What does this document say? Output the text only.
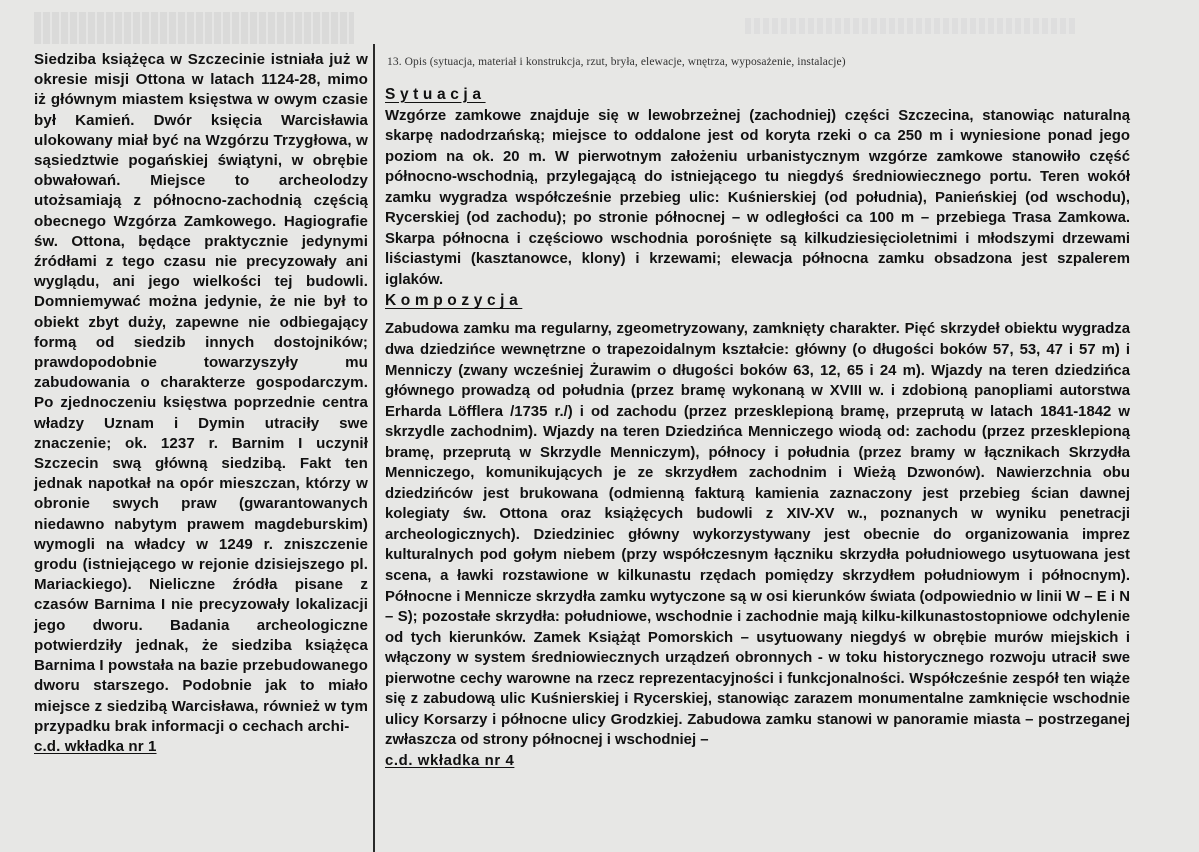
Siedziba książęca w Szczecinie istniała już w okresie misji Ottona w latach 1124-28, mimo iż głównym miastem księstwa w owym czasie był Kamień. Dwór księcia Warcisławia ulokowany miał być na Wzgórzu Trzygłowa, w sąsiedztwie pogańskiej świątyni, w obrębie obwałowań. Miejsce to archeolodzy utożsamiają z północno-zachodnią częścią obecnego Wzgórza Zamkowego. Hagiografie św. Ottona, będące praktycznie jedynymi źródłami z tego czasu nie precyzowały ani wyglądu, ani jego wielkości tej budowli. Domniemywać można jedynie, że nie był to obiekt zbyt duży, zapewne nie odbiegający formą od siedzib innych dostojników; prawdopodobnie towarzyszyły mu zabudowania o charakterze gospodarczym. Po zjednoczeniu księstwa poprzednie centra władzy Uznam i Dymin utraciły swe znaczenie; ok. 1237 r. Barnim I uczynił Szczecin swą główną siedzibą. Fakt ten jednak napotkał na opór mieszczan, którzy w obronie swych praw (gwarantowanych niedawno nabytym prawem magdeburskim) wymogli na władcy w 1249 r. zniszczenie grodu (istniejącego w rejonie dzisiejszego pl. Mariackiego). Nieliczne źródła pisane z czasów Barnima I nie precyzowały lokalizacji jego dworu. Badania archeologiczne potwierdziły jednak, że siedziba książęca Barnima I powstała na bazie przebudowanego dworu starszego. Podobnie jak to miało miejsce z siedzibą Warcisława, również w tym przypadku brak informacji o cechach archi-
c.d. wkładka nr 1
13. Opis (sytuacja, materiał i konstrukcja, rzut, bryła, elewacje, wnętrza, wyposażenie, instalacje)
Sytuacja

Wzgórze zamkowe znajduje się w lewobrzeżnej (zachodniej) części Szczecina, stanowiąc naturalną skarpę nadodrzańską; miejsce to oddalone jest od koryta rzeki o ca 250 m i wyniesione ponad jego poziom na ok. 20 m. W pierwotnym założeniu urbanistycznym wzgórze zamkowe stanowiło część północno-wschodnią, przylegającą do istniejącego tu niegdyś średniowiecznego portu. Teren wokół zamku wygradza współcześnie przebieg ulic: Kuśnierskiej (od południa), Panieńskiej (od wschodu), Rycerskiej (od zachodu); po stronie północnej – w odległości ca 100 m – przebiega Trasa Zamkowa. Skarpa północna i częściowo wschodnia porośnięte są kilkudziesięcioletnimi i młodszymi drzewami liściastymi (kasztanowce, klony) i krzewami; elewacja północna zamku obsadzona jest szpalerem iglaków.

Kompozycja

Zabudowa zamku ma regularny, zgeometryzowany, zamknięty charakter. Pięć skrzydeł obiektu wygradza dwa dziedzińce wewnętrzne o trapezoidalnym kształcie: główny (o długości boków 57, 53, 47 i 57 m) i Menniczy (zwany wcześniej Żurawim o długości boków 63, 12, 65 i 24 m). Wjazdy na teren dziedzińca głównego prowadzą od południa (przez bramę wykonaną w XVIII w. i zdobioną panopliami autorstwa Erharda Löfflera /1735 r./) i od zachodu (przez przesklepioną bramę, przeprutą w latach 1841-1842 w skrzydle zachodnim). Wjazdy na teren Dziedzińca Menniczego wiodą od: zachodu (przez przesklepioną bramę, przeprutą w Skrzydle Menniczym), północy i południa (przez bramy w łącznikach Skrzydła Menniczego, komunikujących je ze skrzydłem zachodnim i Wieżą Dzwonów). Nawierzchnia obu dziedzińców jest brukowana (odmienną fakturą kamienia zaznaczony jest przebieg ścian dawnej kolegiaty św. Ottona oraz książęcych budowli z XIV-XV w., poznanych w wyniku penetracji archeologicznych). Dziedziniec główny wykorzystywany jest obecnie do organizowania imprez kulturalnych pod gołym niebem (przy współczesnym łączniku skrzydła południowego usytuowana jest scena, a ławki rozstawione w kilkunastu rzędach pomiędzy skrzydłem południowym i północnym). Północne i Mennicze skrzydła zamku wytyczone są w osi kierunków świata (odpowiednio w linii W – E i N – S); pozostałe skrzydła: południowe, wschodnie i zachodnie mają kilku-kilkunastostopniowe odchylenie od tych kierunków. Zamek Książąt Pomorskich – usytuowany niegdyś w obrębie murów miejskich i włączony w system średniowiecznych urządzeń obronnych - w toku historycznego rozwoju utracił swe pierwotne cechy warowne na rzecz reprezentacyjności i funkcjonalności. Współcześnie zespół ten wiąże się z zabudową ulic Kuśnierskiej i Rycerskiej, stanowiąc zarazem monumentalne zamknięcie wschodnie ulicy Korsarzy i północne ulicy Grodzkiej. Zabudowa zamku stanowi w panoramie miasta – postrzeganej zwłaszcza od strony północnej i wschodniej –

c.d. wkładka nr 4
